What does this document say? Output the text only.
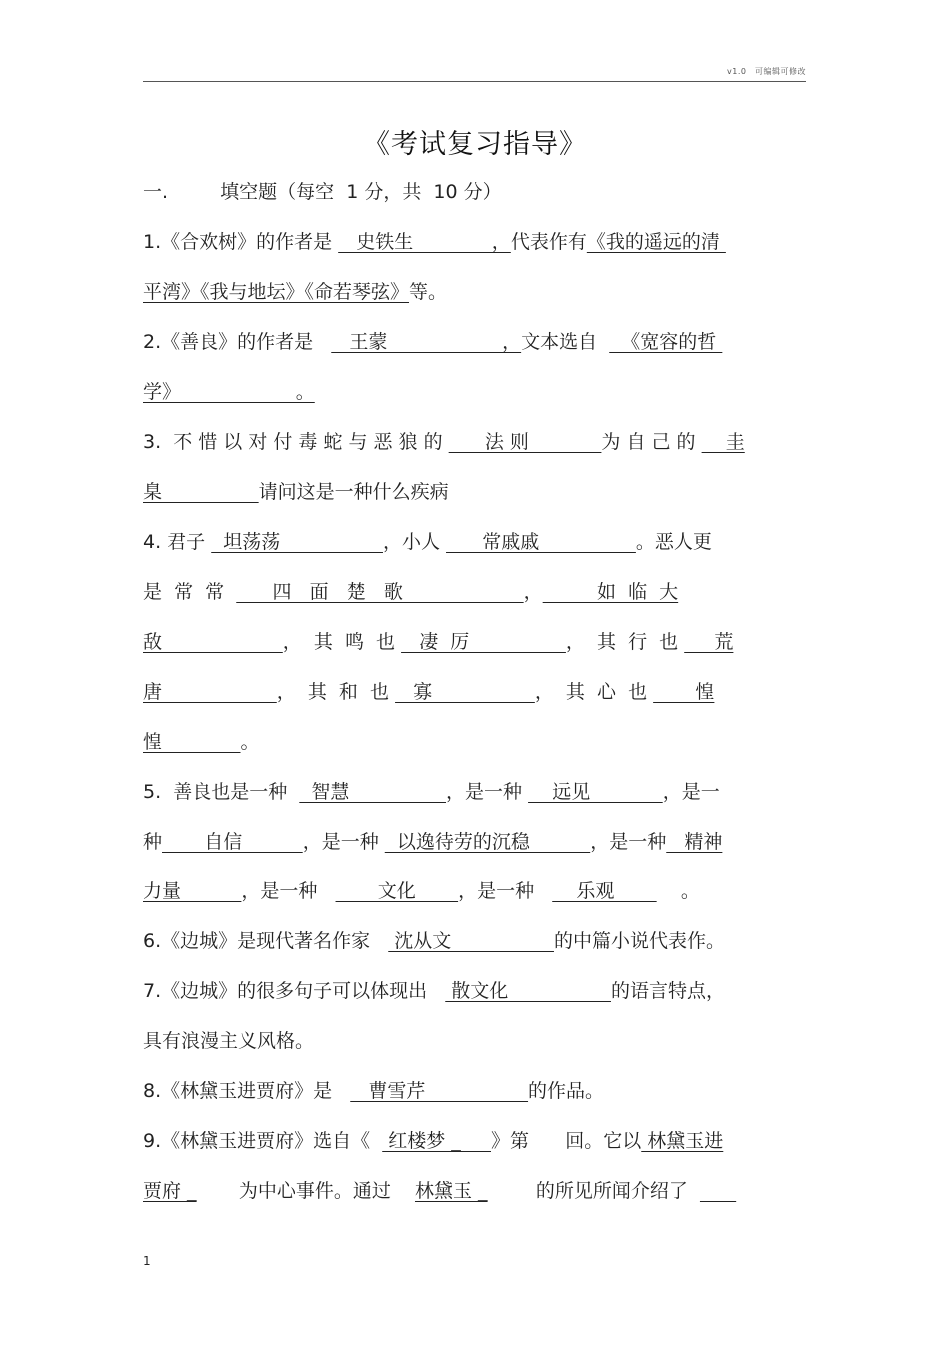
v1.0　可编辑可修改
《考试复习指导》
一.	填空题（每空  1 分，共  10 分）
1.《合欢树》的作者是    史铁生             ，代表作有《我的遥远的清
平湾》《我与地坛》《命若琴弦》等。
2.《善良》的作者是      王蒙                   ，文本选自    《宽容的哲
学》                   。
3.  不 惜 以 对 付 毒 蛇 与 恶 狼 的       法 则            为 自 己 的     圭
臬                请问这是一种什么疾病
4. 君子   坦荡荡                 ，小人       常戚戚                。恶人更
是  常  常        四   面   楚   歌                    ，         如  临  大
敌                    ，  其  鸣  也    凄  厉                ，  其  行  也      荒
唐                   ，  其  和  也    寡                 ，  其  心  也        惶
惶             。
5.  善良也是一种    智慧                ，是一种     远见            ，是一
种       自信          ，是一种   以逸待劳的沉稳          ，是一种   精神
力量          ，是一种          文化       ，是一种       乐观           。
6.《边城》是现代著名作家    沈从文                 的中篇小说代表作。
7.《边城》的很多句子可以体现出    散文化                 的语言特点，
具有浪漫主义风格。
8.《林黛玉进贾府》是      曹雪芹                 的作品。
9.《林黛玉进贾府》选自《   红楼梦 _     》第      回。它以 林黛玉进
贾府 _       为中心事件。通过    林黛玉 _        的所见所闻介绍了
1
